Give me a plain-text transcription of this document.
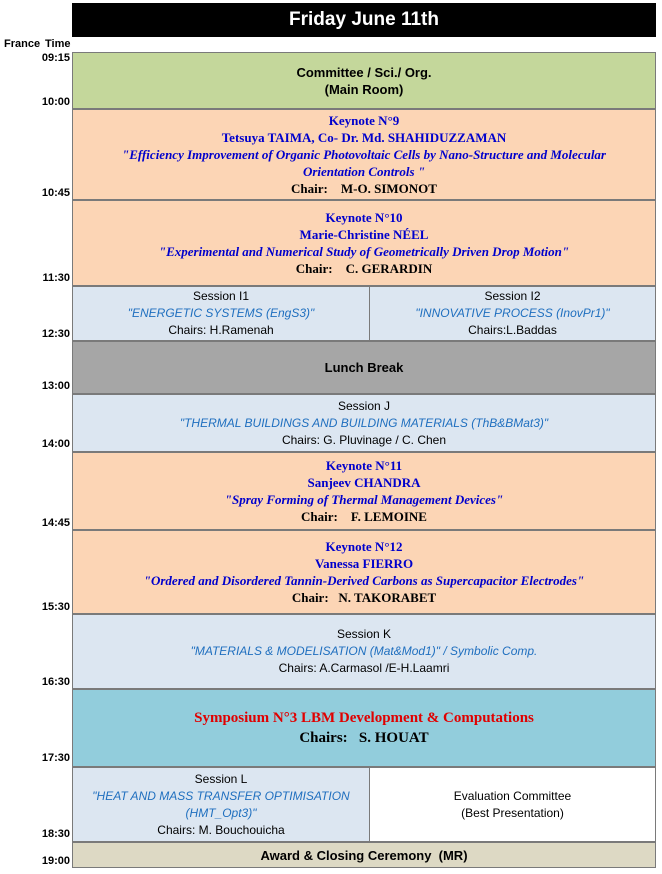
Friday June 11th
France Time
09:15
10:00
10:45
11:30
12:30
13:00
14:00
14:45
15:30
16:30
17:30
18:30
19:00
Committee / Sci./ Org.
(Main Room)
Keynote N°9
Tetsuya TAIMA, Co- Dr. Md. SHAHIDUZZAMAN
"Efficiency Improvement of Organic Photovoltaic Cells by Nano-Structure and Molecular Orientation Controls "
Chair:    M-O. SIMONOT
Keynote N°10
Marie-Christine NÉEL
"Experimental and Numerical Study of Geometrically Driven Drop Motion"
Chair:    C. GERARDIN
Session I1
"ENERGETIC SYSTEMS (EngS3)"
Chairs: H.Ramenah
Session I2
"INNOVATIVE PROCESS (InovPr1)"
Chairs:L.Baddas
Lunch Break
Session J
"THERMAL BUILDINGS AND BUILDING MATERIALS (ThB&BMat3)"
Chairs: G. Pluvinage / C. Chen
Keynote N°11
Sanjeev CHANDRA
"Spray Forming of Thermal Management Devices"
Chair:    F. LEMOINE
Keynote N°12
Vanessa FIERRO
"Ordered and Disordered Tannin-Derived Carbons as Supercapacitor Electrodes"
Chair:   N. TAKORABET
Session K
"MATERIALS & MODELISATION (Mat&Mod1)" / Symbolic Comp.
Chairs: A.Carmasol /E-H.Laamri
Symposium N°3 LBM Development & Computations
Chairs:   S. HOUAT
Session L
"HEAT AND MASS TRANSFER OPTIMISATION
(HMT_Opt3)"
Chairs: M. Bouchouicha
Evaluation Committee
(Best Presentation)
Award & Closing Ceremony  (MR)
